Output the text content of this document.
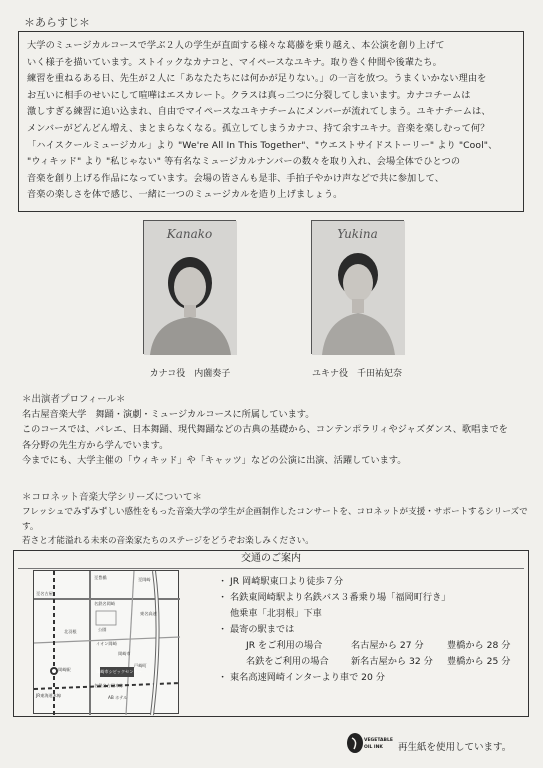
＊あらすじ＊

大学のミュージカルコースで学ぶ２人の学生が直面する様々な葛藤を乗り越え、本公演を創り上げて

いく様子を描いています。ストイックなカナコと、マイペースなユキナ。取り巻く仲間や後輩たち。

練習を重ねるある日、先生が２人に「あなたたちには何かが足りない。」の一言を放つ。うまくいかない理由を

お互いに相手のせいにして喧嘩はエスカレート。クラスは真っ二つに分裂してしまいます。カナコチームは

激しすぎる練習に追い込まれ、自由でマイペースなユキナチームにメンバーが流れてしまう。ユキナチームは、

メンバーがどんどん増え、まとまらなくなる。孤立してしまうカナコ、持て余すユキナ。音楽を楽しむって何？

「ハイスクールミュージカル」より "We're All In This Together"、"ウエストサイドストーリー" より "Cool"、

"ウィキッド" より "私じゃない" 等有名なミュージカルナンバーの数々を取り入れ、会場全体でひとつの

音楽を創り上げる作品になっています。会場の皆さんも是非、手拍子やかけ声などで共に参加して、

音楽の楽しさを体で感じ、一緒に一つのミュージカルを造り上げましょう。

Kanako
カナコ役　内薗奏子
Yukina
ユキナ役　千田祐妃奈
＊出演者プロフィール＊

名古屋音楽大学　舞踊・演劇・ミュージカルコースに所属しています。

このコースでは、バレエ、日本舞踊、現代舞踊などの古典の基礎から、コンテンポラリィやジャズダンス、歌唱までを

各分野の先生方から学んでいます。

今までにも、大学主催の「ウィキッド」や「キャッツ」などの公演に出演、活躍しています。

＊コロネット音楽大学シリーズについて＊

フレッシュでみずみずしい感性をもった音楽大学の学生が企画制作したコンサートを、コロネットが支援・サポートするシリーズです。

若さと才能溢れる未来の音楽家たちのステージをどうぞお楽しみください。

交通のご案内
岡崎駅
名鉄名岡崎
至豊橋
至名古屋
東名高速
岡崎市シビックセンター
公園
岡崎市
JR東海道本線
至岡崎
名鉄名古屋本線
イオン岡崎
戸崎町
北羽根
AB ホテル
・ JR 岡崎駅東口より徒歩７分
・ 名鉄東岡崎駅より名鉄バス３番乗り場「福岡町行き」
他乗車「北羽根」下車
・ 最寄の駅までは
JR をご利用の場合	名古屋から 27 分	豊橋から 28 分
名鉄をご利用の場合 新名古屋から 32 分 豊橋から 25 分
・ 東名高速岡崎インターより車で 20 分
VEGETABLE
OIL INK 再生紙を使用しています。
